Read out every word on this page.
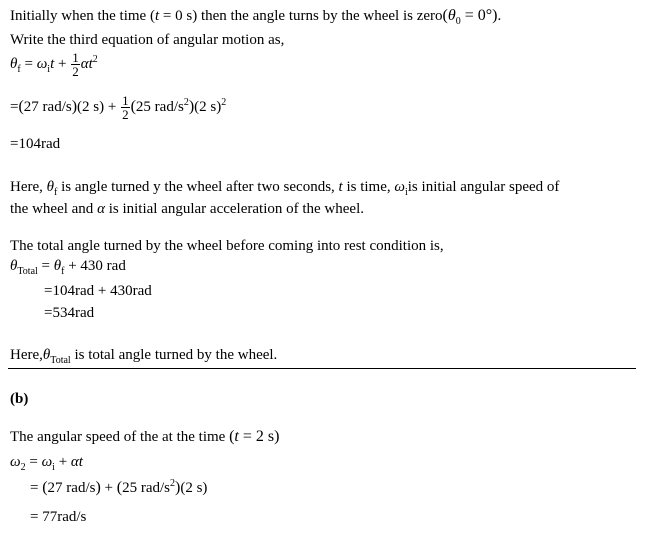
Initially when the time (t = 0 s) then the angle turns by the wheel is $zero(\theta_0 = 0^\circ)$.
Write the third equation of angular motion as,
$\theta_f = \omega_it + \frac{1}{2} \alpha t^2$
=(27 rad/s)(2 $s) + \frac{1}{2} (25$ rad/$s^2)(2$ s)$^2$
=104rad
Here, $\theta_f$ is angle turned y the wheel after two seconds, t is time, $\omega_iis$ initial angular speed of
the wheel and α is initial angular acceleration of the wheel.
The total angle turned by the wheel before coming into rest condition is,
$\theta_{Total} = \theta_f + 430$ rad
=104rad + 430rad
=534rad
$Here,\theta_{Total}$ is total angle turned by the wheel.
(b)
The angular speed of the at the time (t = 2 s)
$\omega_2 = \omega_i + \alpha t$
= (27 rad/s) + (25 rad/$s^2)(2$ s)
= 77rad/s
